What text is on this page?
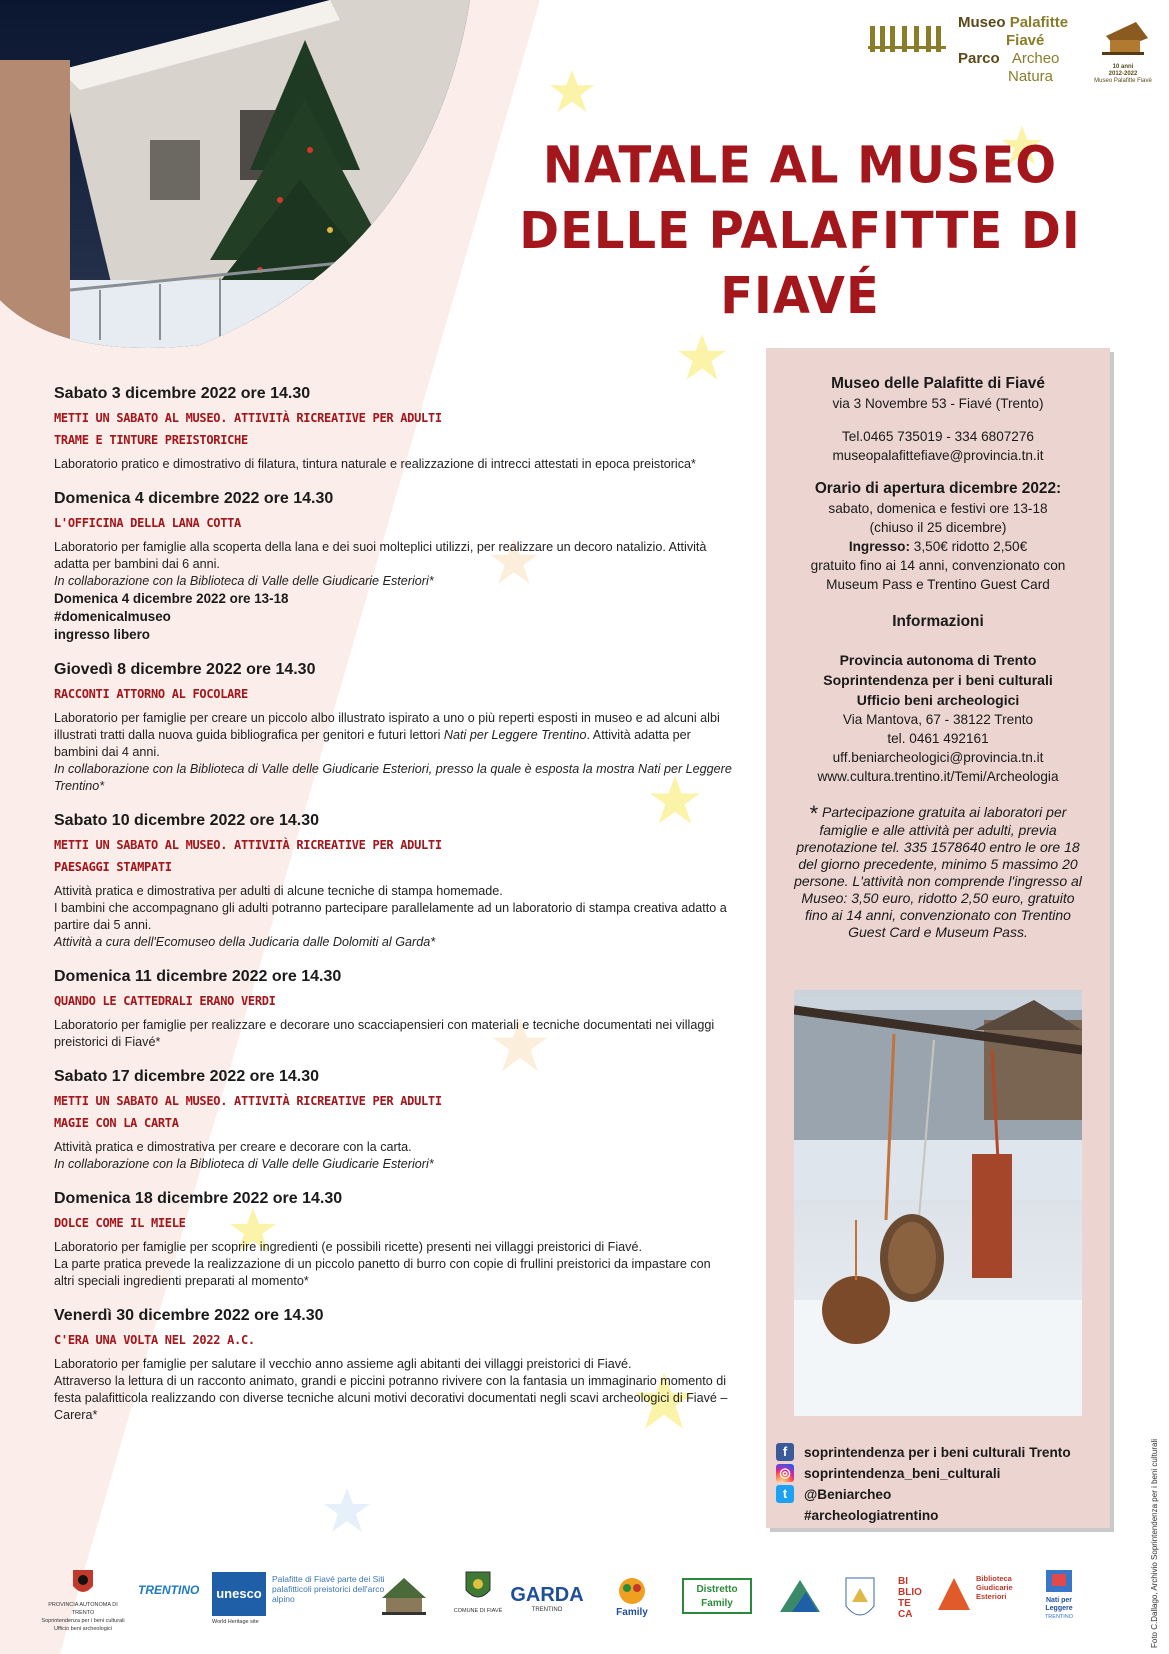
Museo Palafitte
Fiavé
Parco Archeo
Natura
10 anni
2012-2022
Museo Palafitte Fiavé
NATALE AL MUSEO
DELLE PALAFITTE DI FIAVÉ
Sabato 3 dicembre 2022 ore 14.30
METTI UN SABATO AL MUSEO. ATTIVITÀ RICREATIVE PER ADULTI
TRAME E TINTURE PREISTORICHE
Laboratorio pratico e dimostrativo di filatura, tintura naturale e realizzazione di intrecci attestati in epoca preistorica*
Domenica 4 dicembre 2022 ore 14.30
L'OFFICINA DELLA LANA COTTA
Laboratorio per famiglie alla scoperta della lana e dei suoi molteplici utilizzi, per realizzare un decoro natalizio. Attività adatta per bambini dai 6 anni.
In collaborazione con la Biblioteca di Valle delle Giudicarie Esteriori*
Domenica 4 dicembre 2022 ore 13-18
#domenicalmuseo
ingresso libero
Giovedì 8 dicembre 2022 ore 14.30
RACCONTI ATTORNO AL FOCOLARE
Laboratorio per famiglie per creare un piccolo albo illustrato ispirato a uno o più reperti esposti in museo e ad alcuni albi illustrati tratti dalla nuova guida bibliografica per genitori e futuri lettori Nati per Leggere Trentino. Attività adatta per bambini dai 4 anni.
In collaborazione con la Biblioteca di Valle delle Giudicarie Esteriori, presso la quale è esposta la mostra Nati per Leggere Trentino*
Sabato 10 dicembre 2022 ore 14.30
METTI UN SABATO AL MUSEO. ATTIVITÀ RICREATIVE PER ADULTI
PAESAGGI STAMPATI
Attività pratica e dimostrativa per adulti di alcune tecniche di stampa homemade.
I bambini che accompagnano gli adulti potranno partecipare parallelamente ad un laboratorio di stampa creativa adatto a partire dai 5 anni.
Attività a cura dell'Ecomuseo della Judicaria dalle Dolomiti al Garda*
Domenica 11 dicembre 2022 ore 14.30
QUANDO LE CATTEDRALI ERANO VERDI
Laboratorio per famiglie per realizzare e decorare uno scacciapensieri con materiali e tecniche documentati nei villaggi preistorici di Fiavé*
Sabato 17 dicembre 2022 ore 14.30
METTI UN SABATO AL MUSEO. ATTIVITÀ RICREATIVE PER ADULTI
MAGIE CON LA CARTA
Attività pratica e dimostrativa per creare e decorare con la carta.
In collaborazione con la Biblioteca di Valle delle Giudicarie Esteriori*
Domenica 18 dicembre 2022 ore 14.30
DOLCE COME IL MIELE
Laboratorio per famiglie per scoprire ingredienti (e possibili ricette) presenti nei villaggi preistorici di Fiavé.
La parte pratica prevede la realizzazione di un piccolo panetto di burro con copie di frullini preistorici da impastare con altri speciali ingredienti preparati al momento*
Venerdì 30 dicembre 2022 ore 14.30
C'ERA UNA VOLTA NEL 2022 A.C.
Laboratorio per famiglie per salutare il vecchio anno assieme agli abitanti dei villaggi preistorici di Fiavé.
Attraverso la lettura di un racconto animato, grandi e piccini potranno rivivere con la fantasia un immaginario momento di festa palafitticola realizzando con diverse tecniche alcuni motivi decorativi documentati negli scavi archeologici di Fiavé – Carera*
Museo delle Palafitte di Fiavé
via 3 Novembre 53 - Fiavé (Trento)
Tel.0465 735019 - 334 6807276
museopalafittefiave@provincia.tn.it
Orario di apertura dicembre 2022:
sabato, domenica e festivi ore 13-18
(chiuso il 25 dicembre)
Ingresso: 3,50€ ridotto 2,50€
gratuito fino ai 14 anni, convenzionato con
Museum Pass e Trentino Guest Card
Informazioni
Provincia autonoma di Trento
Soprintendenza per i beni culturali
Ufficio beni archeologici
Via Mantova, 67 - 38122 Trento
tel. 0461 492161
uff.beniarcheologici@provincia.tn.it
www.cultura.trentino.it/Temi/Archeologia
* Partecipazione gratuita ai laboratori per famiglie e alle attività per adulti, previa prenotazione tel. 335 1578640 entro le ore 18 del giorno precedente, minimo 5 massimo 20 persone. L'attività non comprende l'ingresso al Museo: 3,50 euro, ridotto 2,50 euro, gratuito fino ai 14 anni, convenzionato con Trentino Guest Card e Museum Pass.
f	soprintendenza per i beni culturali Trento
◎ soprintendenza_beni_culturali
t	@Beniarcheo
#archeologiatrentino	Foto C.Dallago, Archivio Soprintendenza per i beni culturali
PROVINCIA AUTONOMA DI TRENTO
Soprintendenza per i beni culturali
Ufficio beni archeologici
TRENTINO	unesco
World Heritage site
Palafitte di Fiavé parte dei Siti palafitticoli preistorici dell'arco alpino
COMUNE DI FIAVÉ
GARDA
TRENTINO	Family
Distretto Family
BI
BLIO
TE
CA
Biblioteca Giudicarie Esteriori	Nati per Leggere
TRENTINO
